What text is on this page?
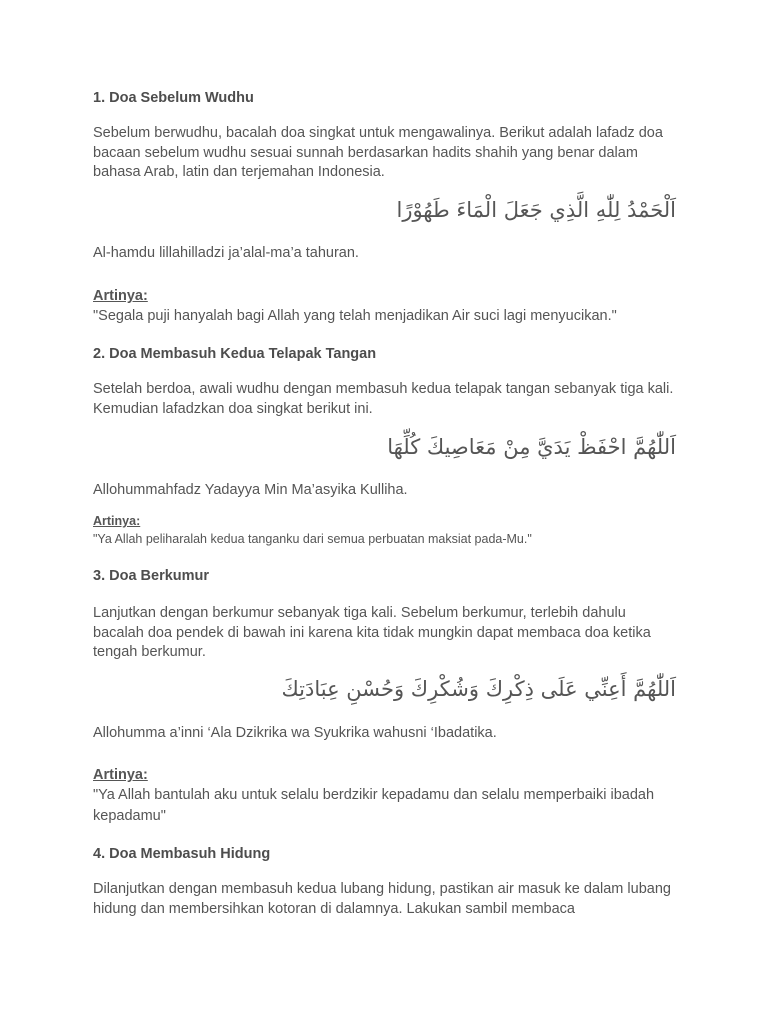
1. Doa Sebelum Wudhu
Sebelum berwudhu, bacalah doa singkat untuk mengawalinya. Berikut adalah lafadz doa bacaan sebelum wudhu sesuai sunnah berdasarkan hadits shahih yang benar dalam bahasa Arab, latin dan terjemahan Indonesia.
اَلْحَمْدُ لِلّٰهِ الَّذِي جَعَلَ الْمَاءَ طَهُوْرًا
Al-hamdu lillahilladzi ja’alal-ma’a tahuran.
Artinya:
"Segala puji hanyalah bagi Allah yang telah menjadikan Air suci lagi menyucikan."
2. Doa Membasuh Kedua Telapak Tangan
Setelah berdoa, awali wudhu dengan membasuh kedua telapak tangan sebanyak tiga kali. Kemudian lafadzkan doa singkat berikut ini.
اَللّٰهُمَّ احْفَظْ يَدَيَّ مِنْ مَعَاصِيكَ كُلِّهَا
Allohummahfadz Yadayya Min Ma’asyika Kulliha.
Artinya:
"Ya Allah peliharalah kedua tanganku dari semua perbuatan maksiat pada-Mu."
3. Doa Berkumur
Lanjutkan dengan berkumur sebanyak tiga kali. Sebelum berkumur, terlebih dahulu bacalah doa pendek di bawah ini karena kita tidak mungkin dapat membaca doa ketika tengah berkumur.
اَللّٰهُمَّ أَعِنِّي عَلَى ذِكْرِكَ وَشُكْرِكَ وَحُسْنِ عِبَادَتِكَ
Allohumma a’inni ‘Ala Dzikrika wa Syukrika wahusni ‘Ibadatika.
Artinya:
"Ya Allah bantulah aku untuk selalu berdzikir kepadamu dan selalu memperbaiki ibadah kepadamu"
4. Doa Membasuh Hidung
Dilanjutkan dengan membasuh kedua lubang hidung, pastikan air masuk ke dalam lubang hidung dan membersihkan kotoran di dalamnya. Lakukan sambil membaca
